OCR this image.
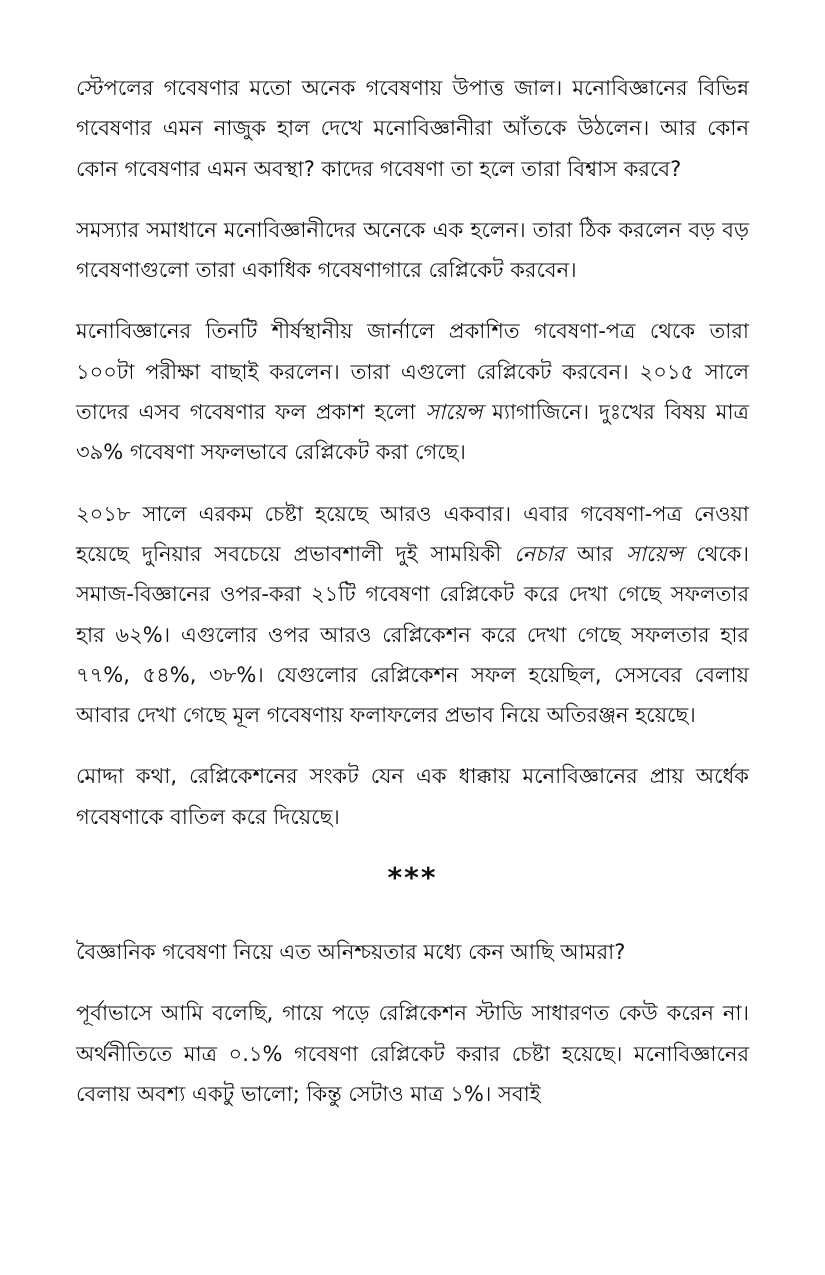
স্টেপলের গবেষণার মতো অনেক গবেষণায় উপাত্ত জাল। মনোবিজ্ঞানের বিভিন্ন গবেষণার এমন নাজুক হাল দেখে মনোবিজ্ঞানীরা আঁতকে উঠলেন। আর কোন কোন গবেষণার এমন অবস্থা? কাদের গবেষণা তা হলে তারা বিশ্বাস করবে?

সমস্যার সমাধানে মনোবিজ্ঞানীদের অনেকে এক হলেন। তারা ঠিক করলেন বড় বড় গবেষণাগুলো তারা একাধিক গবেষণাগারে রেপ্লিকেট করবেন।

মনোবিজ্ঞানের তিনটি শীর্ষস্থানীয় জার্নালে প্রকাশিত গবেষণা-পত্র থেকে তারা ১০০টা পরীক্ষা বাছাই করলেন। তারা এগুলো রেপ্লিকেট করবেন। ২০১৫ সালে তাদের এসব গবেষণার ফল প্রকাশ হলো সায়েন্স ম্যাগাজিনে। দুঃখের বিষয় মাত্র ৩৯% গবেষণা সফলভাবে রেপ্লিকেট করা গেছে।

২০১৮ সালে এরকম চেষ্টা হয়েছে আরও একবার। এবার গবেষণা-পত্র নেওয়া হয়েছে দুনিয়ার সবচেয়ে প্রভাবশালী দুই সাময়িকী নেচার আর সায়েন্স থেকে। সমাজ-বিজ্ঞানের ওপর-করা ২১টি গবেষণা রেপ্লিকেট করে দেখা গেছে সফলতার হার ৬২%। এগুলোর ওপর আরও রেপ্লিকেশন করে দেখা গেছে সফলতার হার ৭৭%, ৫৪%, ৩৮%। যেগুলোর রেপ্লিকেশন সফল হয়েছিল, সেসবের বেলায় আবার দেখা গেছে মূল গবেষণায় ফলাফলের প্রভাব নিয়ে অতিরঞ্জন হয়েছে।

মোদ্দা কথা, রেপ্লিকেশনের সংকট যেন এক ধাক্কায় মনোবিজ্ঞানের প্রায় অর্ধেক গবেষণাকে বাতিল করে দিয়েছে।

***

বৈজ্ঞানিক গবেষণা নিয়ে এত অনিশ্চয়তার মধ্যে কেন আছি আমরা?

পূর্বাভাসে আমি বলেছি, গায়ে পড়ে রেপ্লিকেশন স্টাডি সাধারণত কেউ করেন না। অর্থনীতিতে মাত্র ০.১% গবেষণা রেপ্লিকেট করার চেষ্টা হয়েছে। মনোবিজ্ঞানের বেলায় অবশ্য একটু ভালো; কিন্তু সেটাও মাত্র ১%। সবাই
